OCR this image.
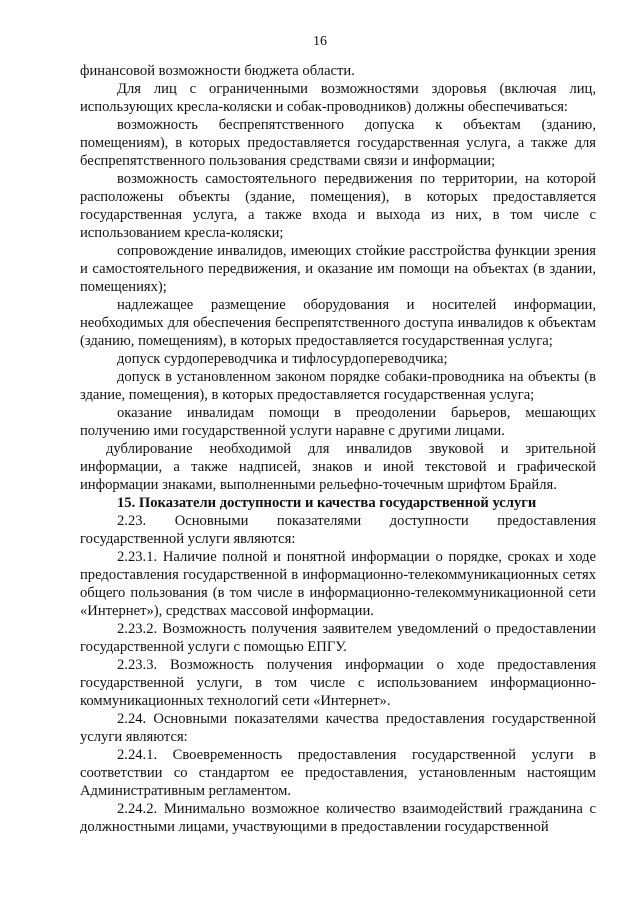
16

финансовой возможности бюджета области.

Для лиц с ограниченными возможностями здоровья (включая лиц, использующих кресла-коляски и собак-проводников) должны обеспечиваться:

возможность беспрепятственного допуска к объектам (зданию, помещениям), в которых предоставляется государственная услуга, а также для беспрепятственного пользования средствами связи и информации;

возможность самостоятельного передвижения по территории, на которой расположены объекты (здание, помещения), в которых предоставляется государственная услуга, а также входа и выхода из них, в том числе с использованием кресла-коляски;

сопровождение инвалидов, имеющих стойкие расстройства функции зрения и самостоятельного передвижения, и оказание им помощи на объектах (в здании, помещениях);

надлежащее размещение оборудования и носителей информации, необходимых для обеспечения беспрепятственного доступа инвалидов к объектам (зданию, помещениям), в которых предоставляется государственная услуга;

допуск сурдопереводчика и тифлосурдопереводчика;

допуск в установленном законом порядке собаки-проводника на объекты (в здание, помещения), в которых предоставляется государственная услуга;

оказание инвалидам помощи в преодолении барьеров, мешающих получению ими государственной услуги наравне с другими лицами.

дублирование необходимой для инвалидов звуковой и зрительной информации, а также надписей, знаков и иной текстовой и графической информации знаками, выполненными рельефно-точечным шрифтом Брайля.

15. Показатели доступности и качества государственной услуги

2.23. Основными показателями доступности предоставления государственной услуги являются:

2.23.1. Наличие полной и понятной информации о порядке, сроках и ходе предоставления государственной в информационно-телекоммуникационных сетях общего пользования (в том числе в информационно-телекоммуникационной сети «Интернет»), средствах массовой информации.

2.23.2. Возможность получения заявителем уведомлений о предоставлении государственной услуги с помощью ЕПГУ.

2.23.3. Возможность получения информации о ходе предоставления государственной услуги, в том числе с использованием информационно-коммуникационных технологий сети «Интернет».

2.24. Основными показателями качества предоставления государственной услуги являются:

2.24.1. Своевременность предоставления государственной услуги в соответствии со стандартом ее предоставления, установленным настоящим Административным регламентом.

2.24.2. Минимально возможное количество взаимодействий гражданина с должностными лицами, участвующими в предоставлении государственной
